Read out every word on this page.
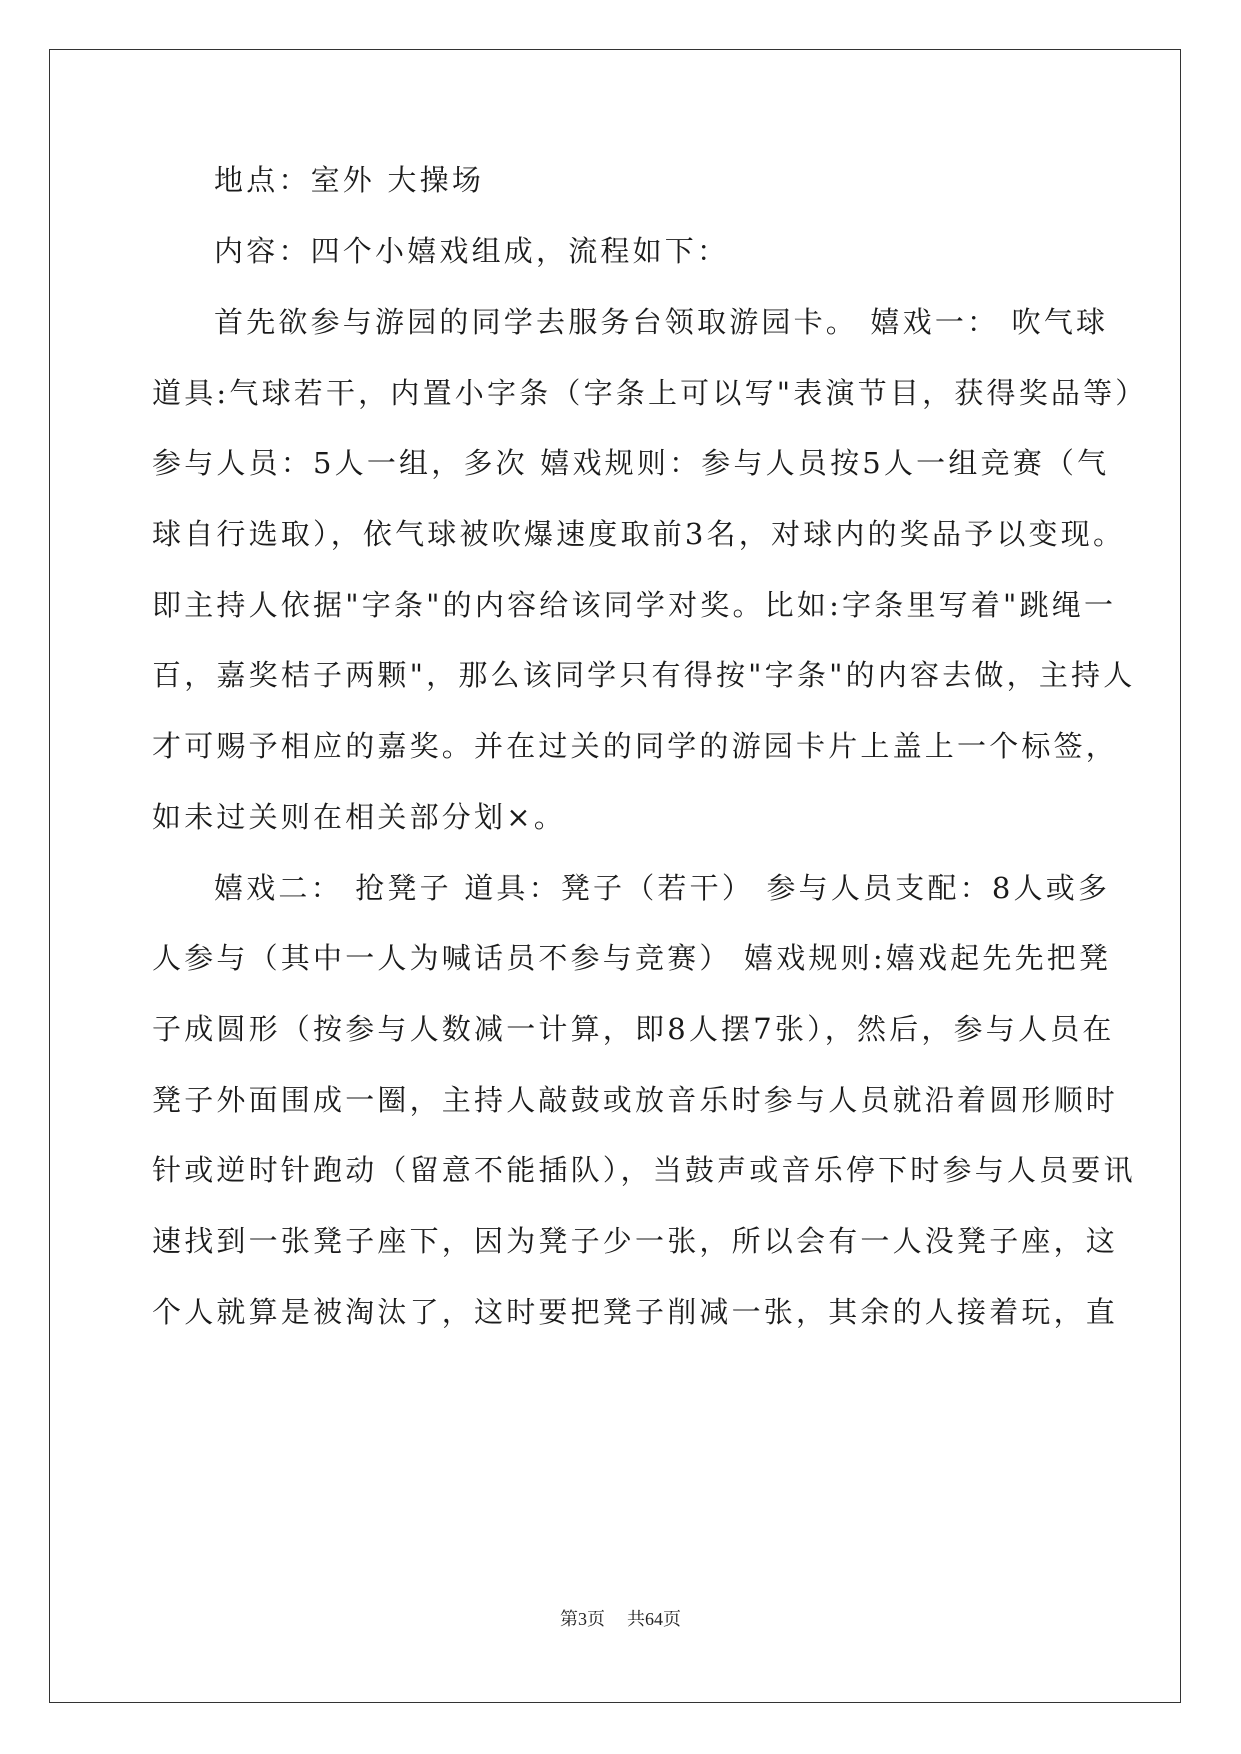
地点：室外 大操场
内容：四个小嬉戏组成，流程如下：
首先欲参与游园的同学去服务台领取游园卡。 嬉戏一： 吹气球
道具:气球若干，内置小字条（字条上可以写"表演节目，获得奖品等）
参与人员：5人一组，多次 嬉戏规则：参与人员按5人一组竞赛（气
球自行选取），依气球被吹爆速度取前3名，对球内的奖品予以变现。
即主持人依据"字条"的内容给该同学对奖。比如:字条里写着"跳绳一
百，嘉奖桔子两颗"，那么该同学只有得按"字条"的内容去做，主持人
才可赐予相应的嘉奖。并在过关的同学的游园卡片上盖上一个标签，
如未过关则在相关部分划×。
嬉戏二： 抢凳子 道具：凳子（若干） 参与人员支配：8人或多
人参与（其中一人为喊话员不参与竞赛） 嬉戏规则:嬉戏起先先把凳
子成圆形（按参与人数减一计算，即8人摆7张），然后，参与人员在
凳子外面围成一圈，主持人敲鼓或放音乐时参与人员就沿着圆形顺时
针或逆时针跑动（留意不能插队），当鼓声或音乐停下时参与人员要讯
速找到一张凳子座下，因为凳子少一张，所以会有一人没凳子座，这
个人就算是被淘汰了，这时要把凳子削减一张，其余的人接着玩，直
第3页 共64页
